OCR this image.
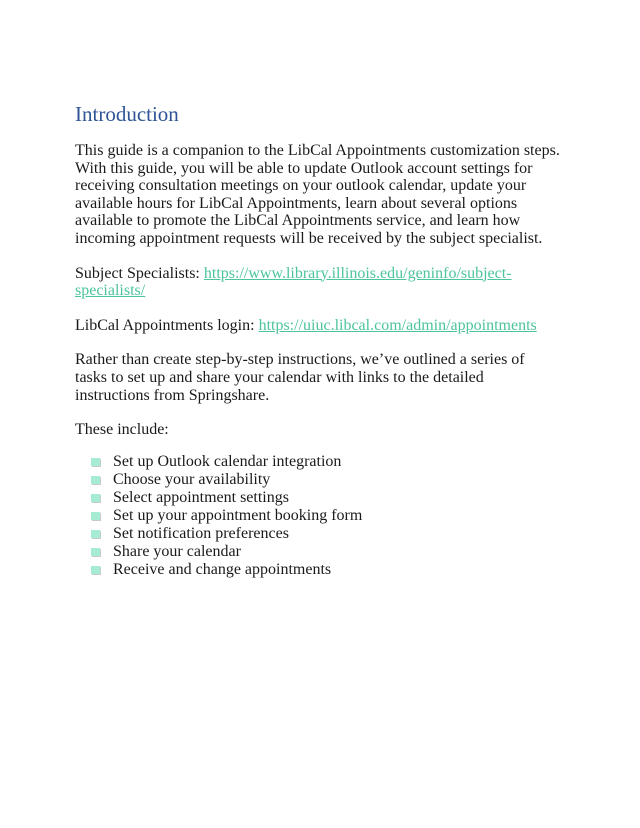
Introduction
This guide is a companion to the LibCal Appointments customization steps.
With this guide, you will be able to update Outlook account settings for
receiving consultation meetings on your outlook calendar, update your
available hours for LibCal Appointments, learn about several options
available to promote the LibCal Appointments service, and learn how
incoming appointment requests will be received by the subject specialist.
Subject Specialists: https://www.library.illinois.edu/geninfo/subject-
specialists/
LibCal Appointments login: https://uiuc.libcal.com/admin/appointments
Rather than create step-by-step instructions, we’ve outlined a series of
tasks to set up and share your calendar with links to the detailed
instructions from Springshare.
These include:
Set up Outlook calendar integration
Choose your availability
Select appointment settings
Set up your appointment booking form
Set notification preferences
Share your calendar
Receive and change appointments
